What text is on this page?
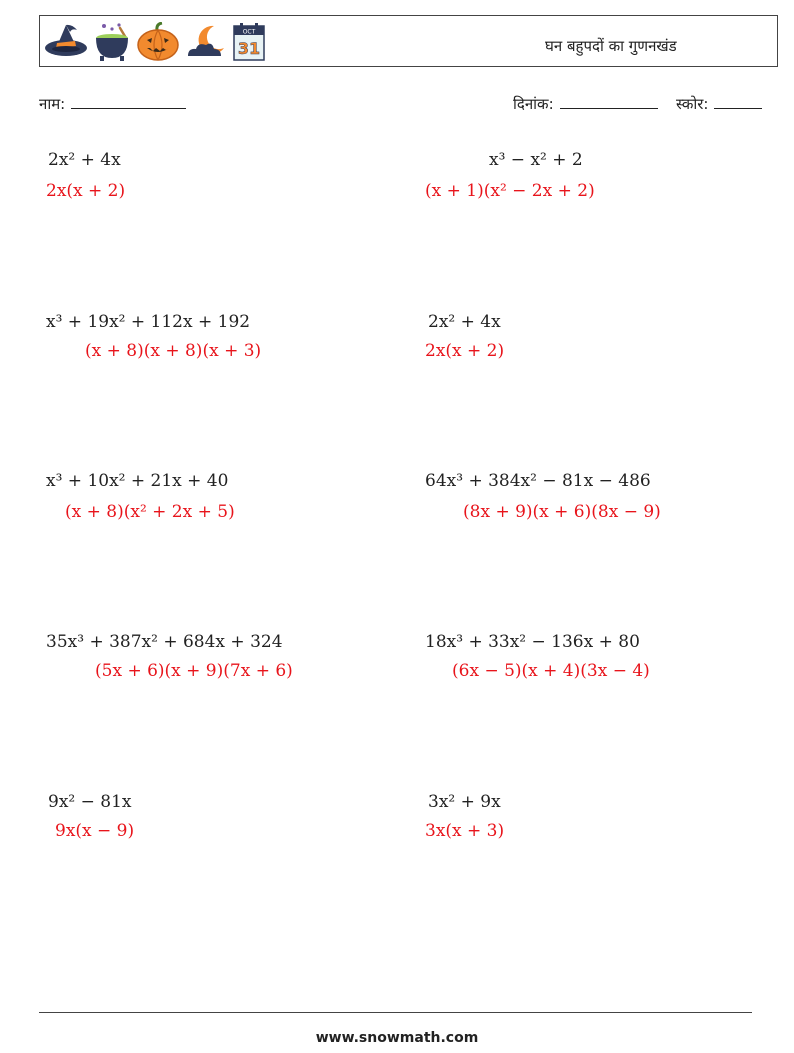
OCT
31	घन बहुपदों का गुणनखंड
नाम:	दिनांक:	स्कोर:
2x² + 4x
2x(x + 2)
x³ − x² + 2
(x + 1)(x² − 2x + 2)
x³ + 19x² + 112x + 192
(x + 8)(x + 8)(x + 3)
2x² + 4x
2x(x + 2)
x³ + 10x² + 21x + 40
(x + 8)(x² + 2x + 5)
64x³ + 384x² − 81x − 486
(8x + 9)(x + 6)(8x − 9)
35x³ + 387x² + 684x + 324
(5x + 6)(x + 9)(7x + 6)
18x³ + 33x² − 136x + 80
(6x − 5)(x + 4)(3x − 4)
9x² − 81x
9x(x − 9)
3x² + 9x
3x(x + 3)
www.snowmath.com
